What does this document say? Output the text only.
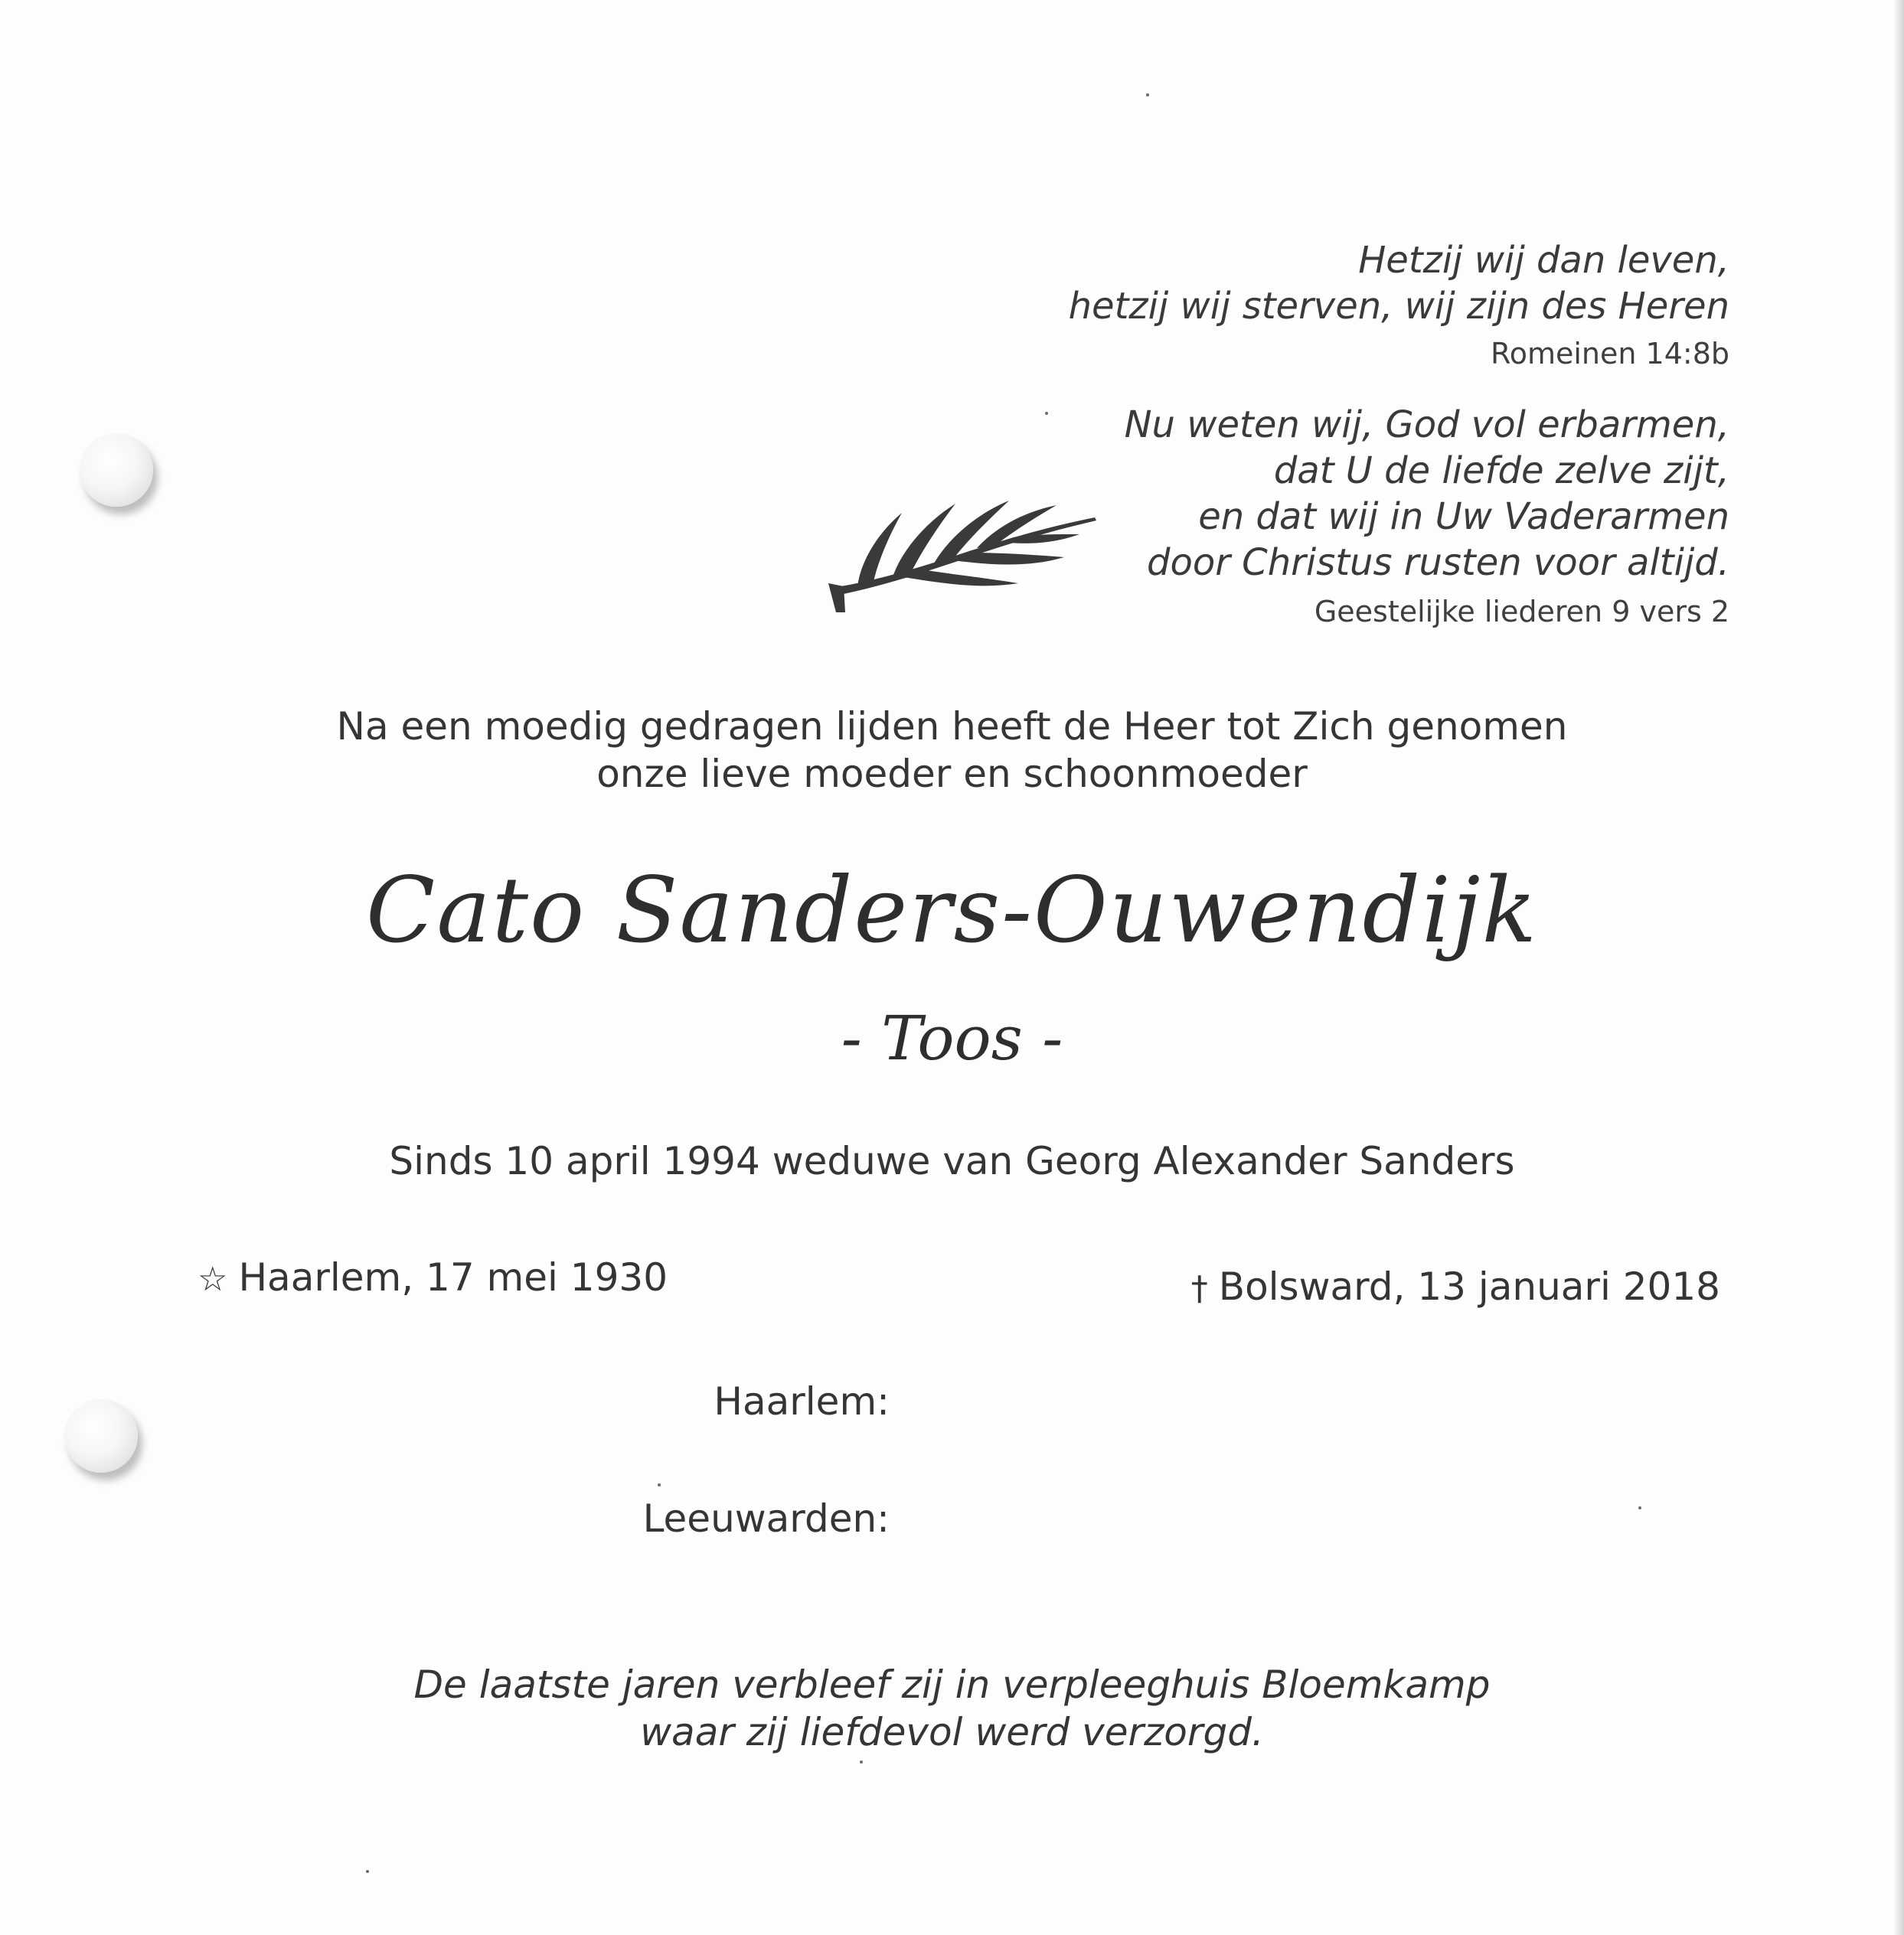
Hetzij wij dan leven,
hetzij wij sterven, wij zijn des Heren
Romeinen 14:8b
Nu weten wij, God vol erbarmen,
dat U de liefde zelve zijt,
en dat wij in Uw Vaderarmen
door Christus rusten voor altijd.
Geestelijke liederen 9 vers 2
Na een moedig gedragen lijden heeft de Heer tot Zich genomen
onze lieve moeder en schoonmoeder
Cato Sanders-Ouwendijk
- Toos -
Sinds 10 april 1994 weduwe van Georg Alexander Sanders
☆ Haarlem, 17 mei 1930	† Bolsward, 13 januari 2018
Haarlem:
Leeuwarden:
De laatste jaren verbleef zij in verpleeghuis Bloemkamp
waar zij liefdevol werd verzorgd.
